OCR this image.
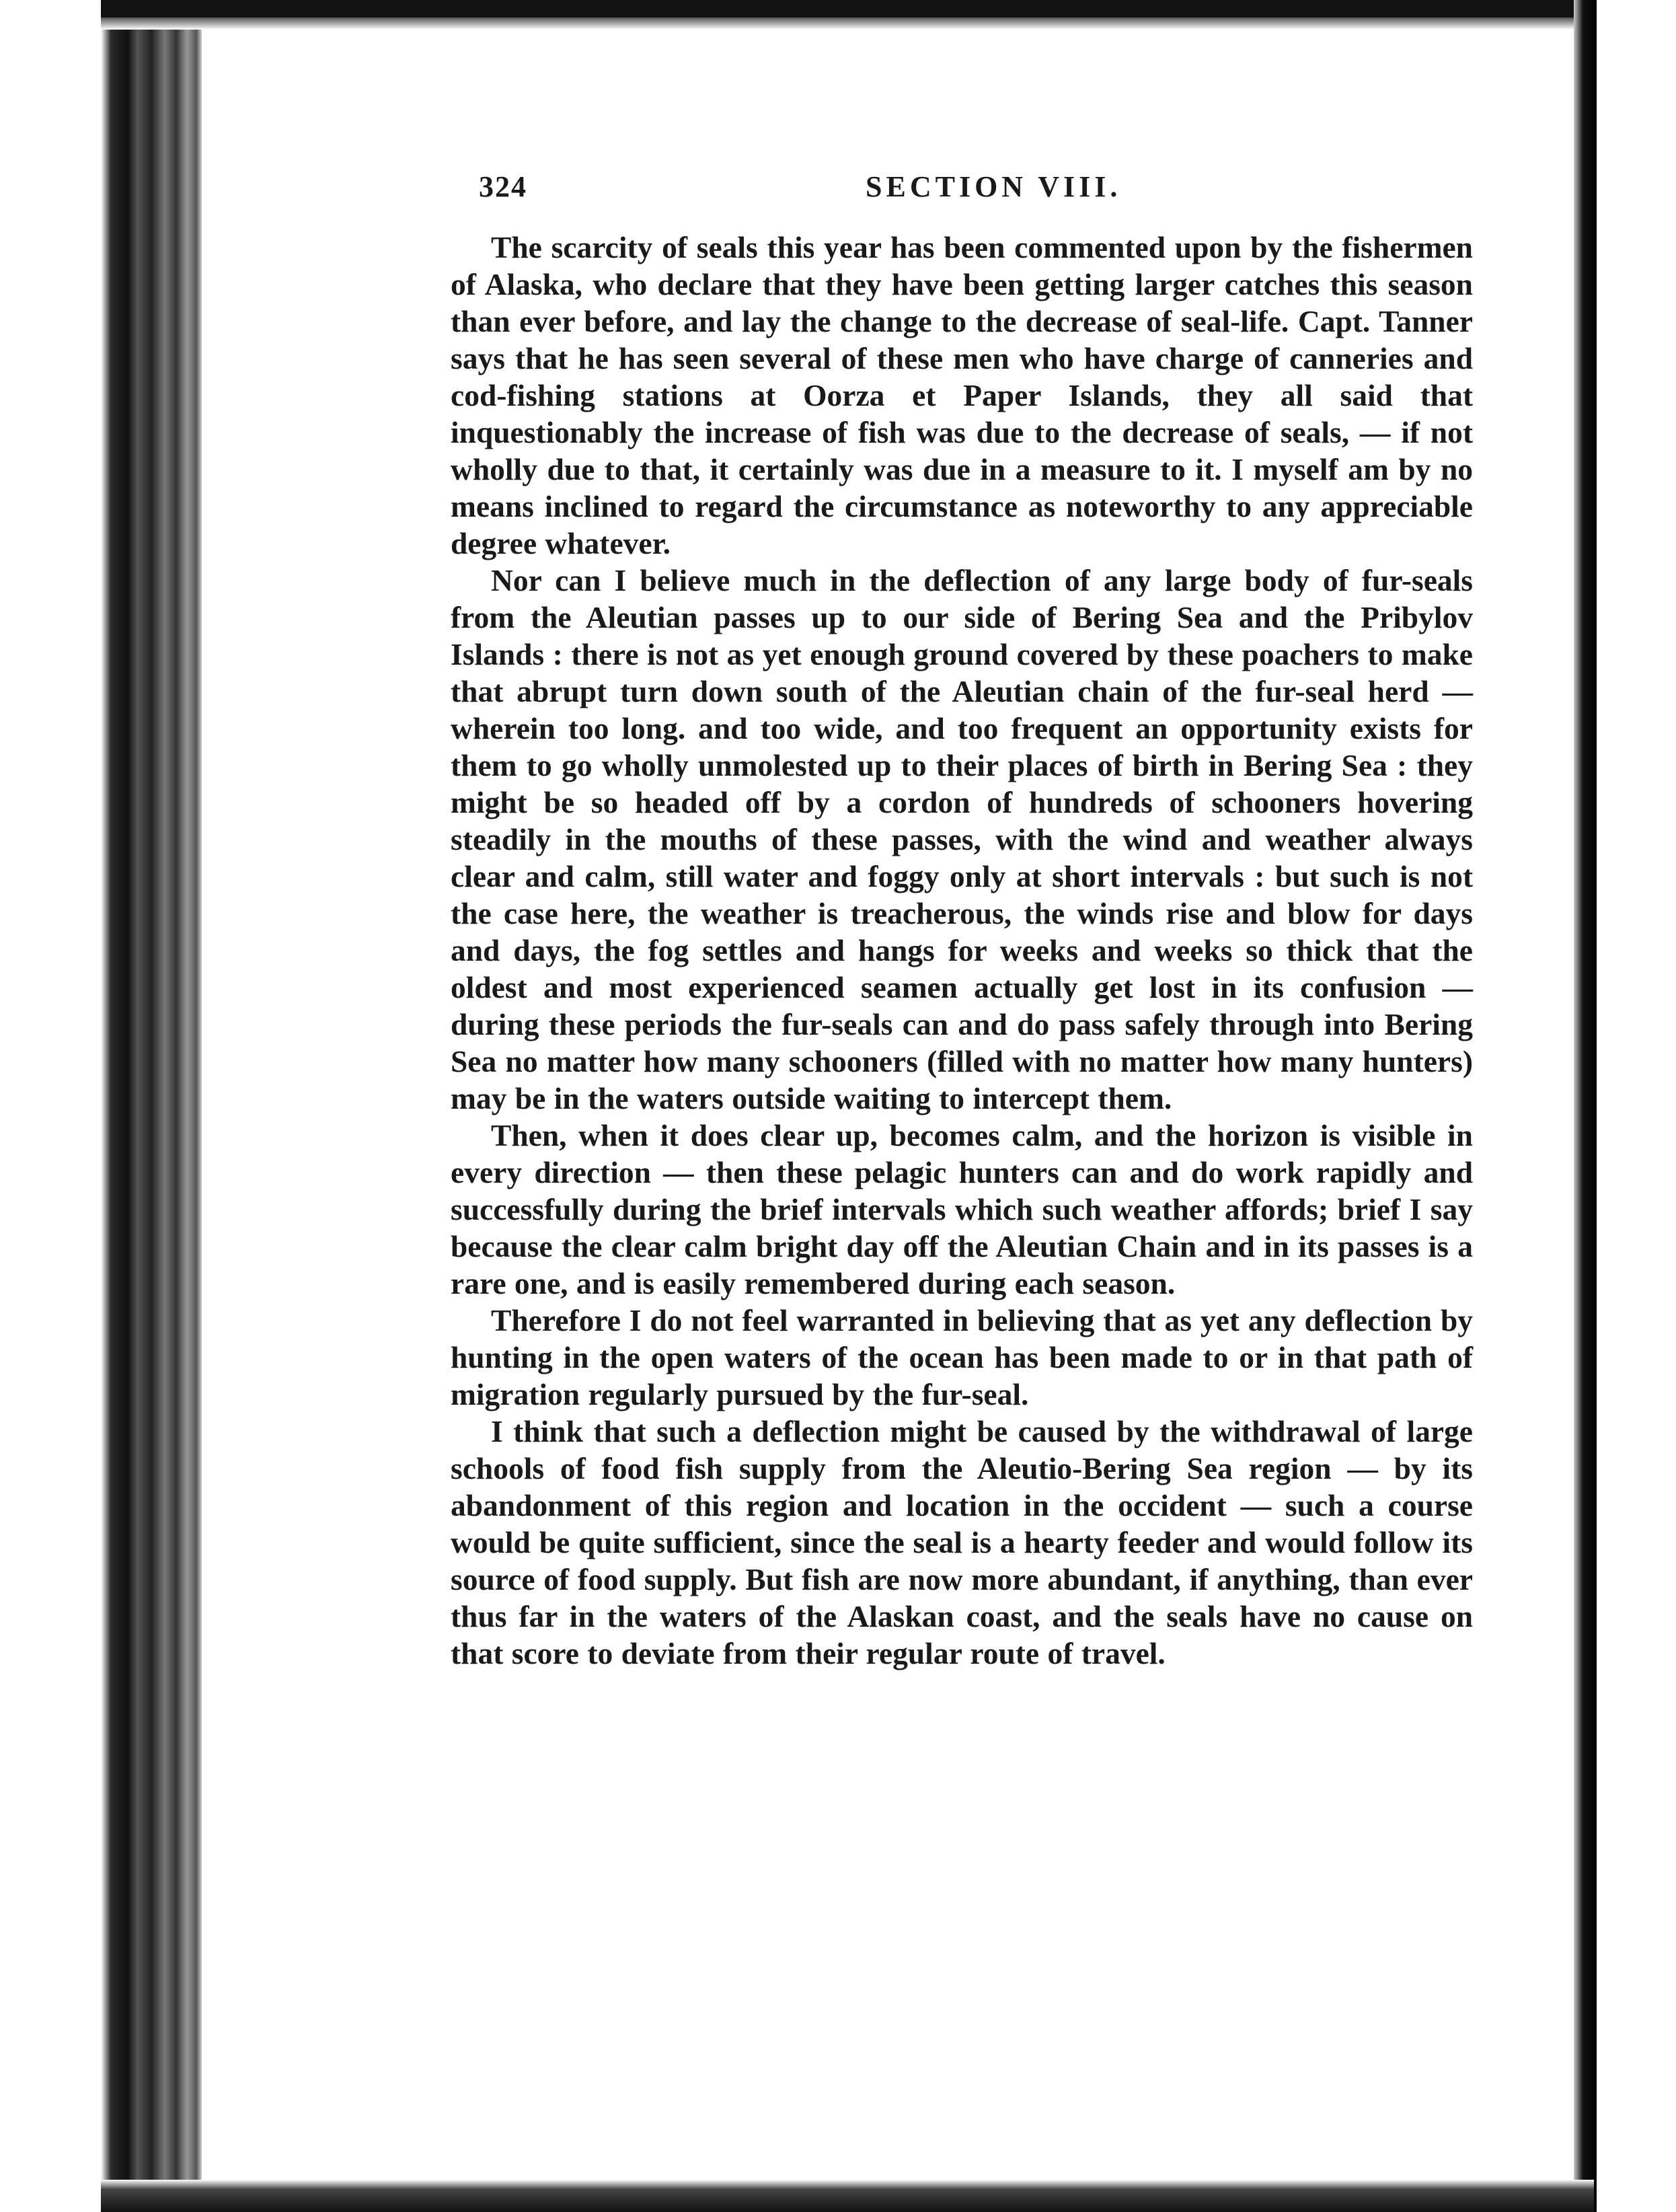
324	SECTION VIII.

The scarcity of seals this year has been commented upon by the fishermen of Alaska, who declare that they have been getting larger catches this season than ever before, and lay the change to the decrease of seal-life. Capt. Tanner says that he has seen several of these men who have charge of canneries and cod-fishing stations at Oorza et Paper Islands, they all said that inquestionably the increase of fish was due to the decrease of seals, — if not wholly due to that, it certainly was due in a measure to it. I myself am by no means inclined to regard the circumstance as noteworthy to any appreciable degree whatever.

Nor can I believe much in the deflection of any large body of fur-seals from the Aleutian passes up to our side of Bering Sea and the Pribylov Islands : there is not as yet enough ground covered by these poachers to make that abrupt turn down south of the Aleutian chain of the fur-seal herd — wherein too long. and too wide, and too frequent an opportunity exists for them to go wholly unmolested up to their places of birth in Bering Sea : they might be so headed off by a cordon of hundreds of schooners hovering steadily in the mouths of these passes, with the wind and weather always clear and calm, still water and foggy only at short intervals : but such is not the case here, the weather is treacherous, the winds rise and blow for days and days, the fog settles and hangs for weeks and weeks so thick that the oldest and most experienced seamen actually get lost in its confusion — during these periods the fur-seals can and do pass safely through into Bering Sea no matter how many schooners (filled with no matter how many hunters) may be in the waters outside waiting to intercept them.

Then, when it does clear up, becomes calm, and the horizon is visible in every direction — then these pelagic hunters can and do work rapidly and successfully during the brief intervals which such weather affords; brief I say because the clear calm bright day off the Aleutian Chain and in its passes is a rare one, and is easily remembered during each season.

Therefore I do not feel warranted in believing that as yet any deflection by hunting in the open waters of the ocean has been made to or in that path of migration regularly pursued by the fur-seal.

I think that such a deflection might be caused by the withdrawal of large schools of food fish supply from the Aleutio-Bering Sea region — by its abandonment of this region and location in the occident — such a course would be quite sufficient, since the seal is a hearty feeder and would follow its source of food supply. But fish are now more abundant, if anything, than ever thus far in the waters of the Alaskan coast, and the seals have no cause on that score to deviate from their regular route of travel.
